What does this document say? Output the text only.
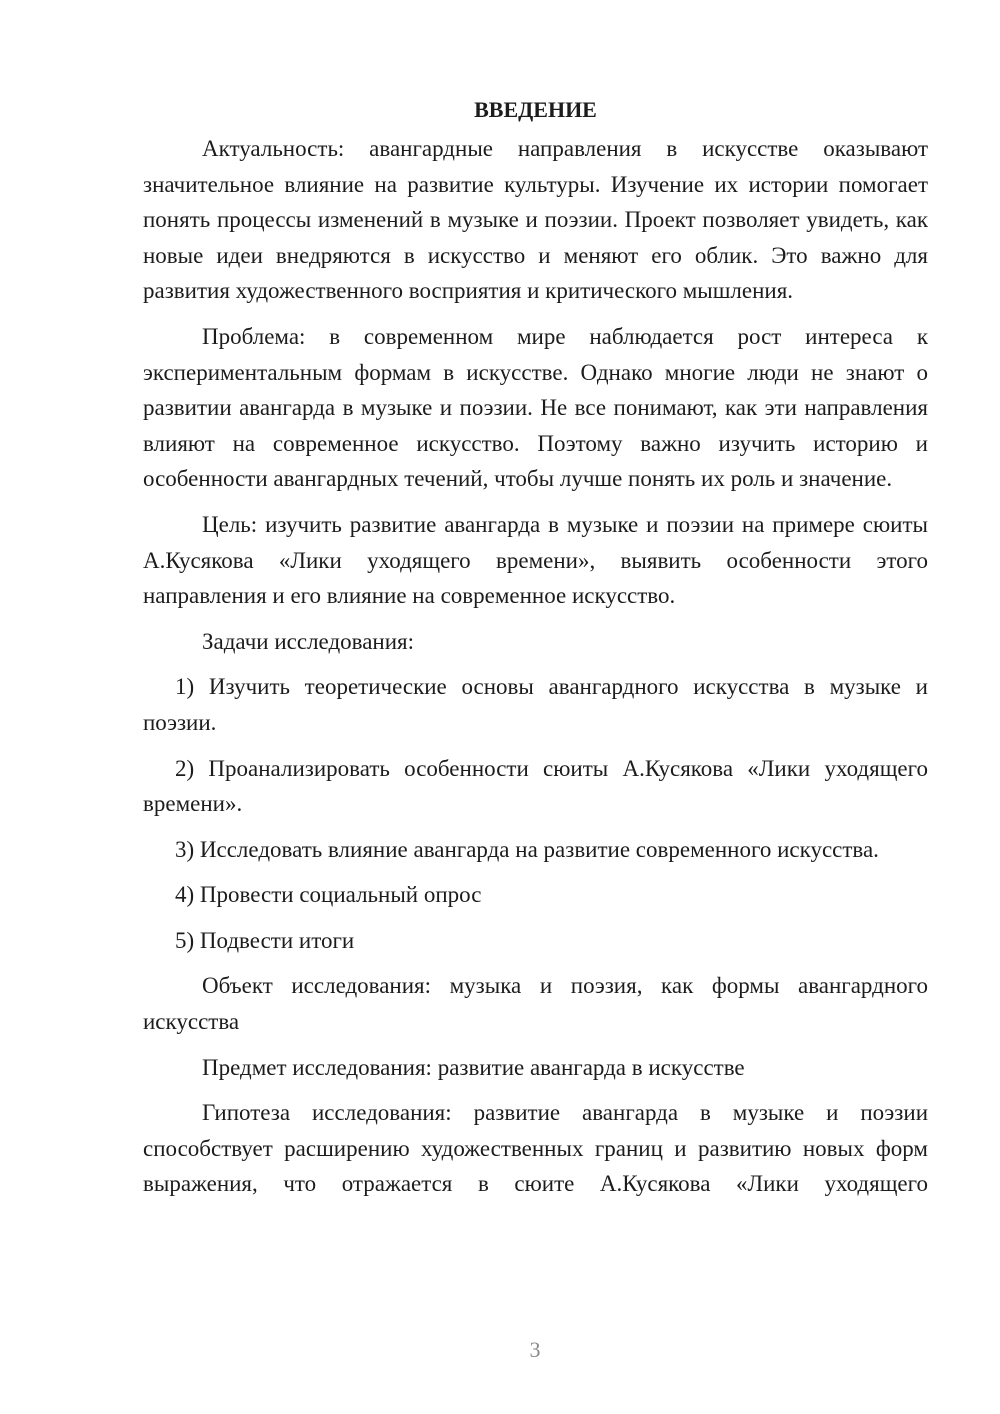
ВВЕДЕНИЕ

Актуальность: авангардные направления в искусстве оказывают значительное влияние на развитие культуры. Изучение их истории помогает понять процессы изменений в музыке и поэзии. Проект позволяет увидеть, как новые идеи внедряются в искусство и меняют его облик. Это важно для развития художественного восприятия и критического мышления.

Проблема: в современном мире наблюдается рост интереса к экспериментальным формам в искусстве. Однако многие люди не знают о развитии авангарда в музыке и поэзии. Не все понимают, как эти направления влияют на современное искусство. Поэтому важно изучить историю и особенности авангардных течений, чтобы лучше понять их роль и значение.

Цель: изучить развитие авангарда в музыке и поэзии на примере сюиты А.Кусякова «Лики уходящего времени», выявить особенности этого направления и его влияние на современное искусство.

Задачи исследования:

1) Изучить теоретические основы авангардного искусства в музыке и поэзии.

2) Проанализировать особенности сюиты А.Кусякова «Лики уходящего времени».

3) Исследовать влияние авангарда на развитие современного искусства.

4) Провести социальный опрос

5) Подвести итоги

Объект исследования: музыка и поэзия, как формы авангардного искусства

Предмет исследования: развитие авангарда в искусстве

Гипотеза исследования: развитие авангарда в музыке и поэзии способствует расширению художественных границ и развитию новых форм выражения, что отражается в сюите А.Кусякова «Лики уходящего

3
